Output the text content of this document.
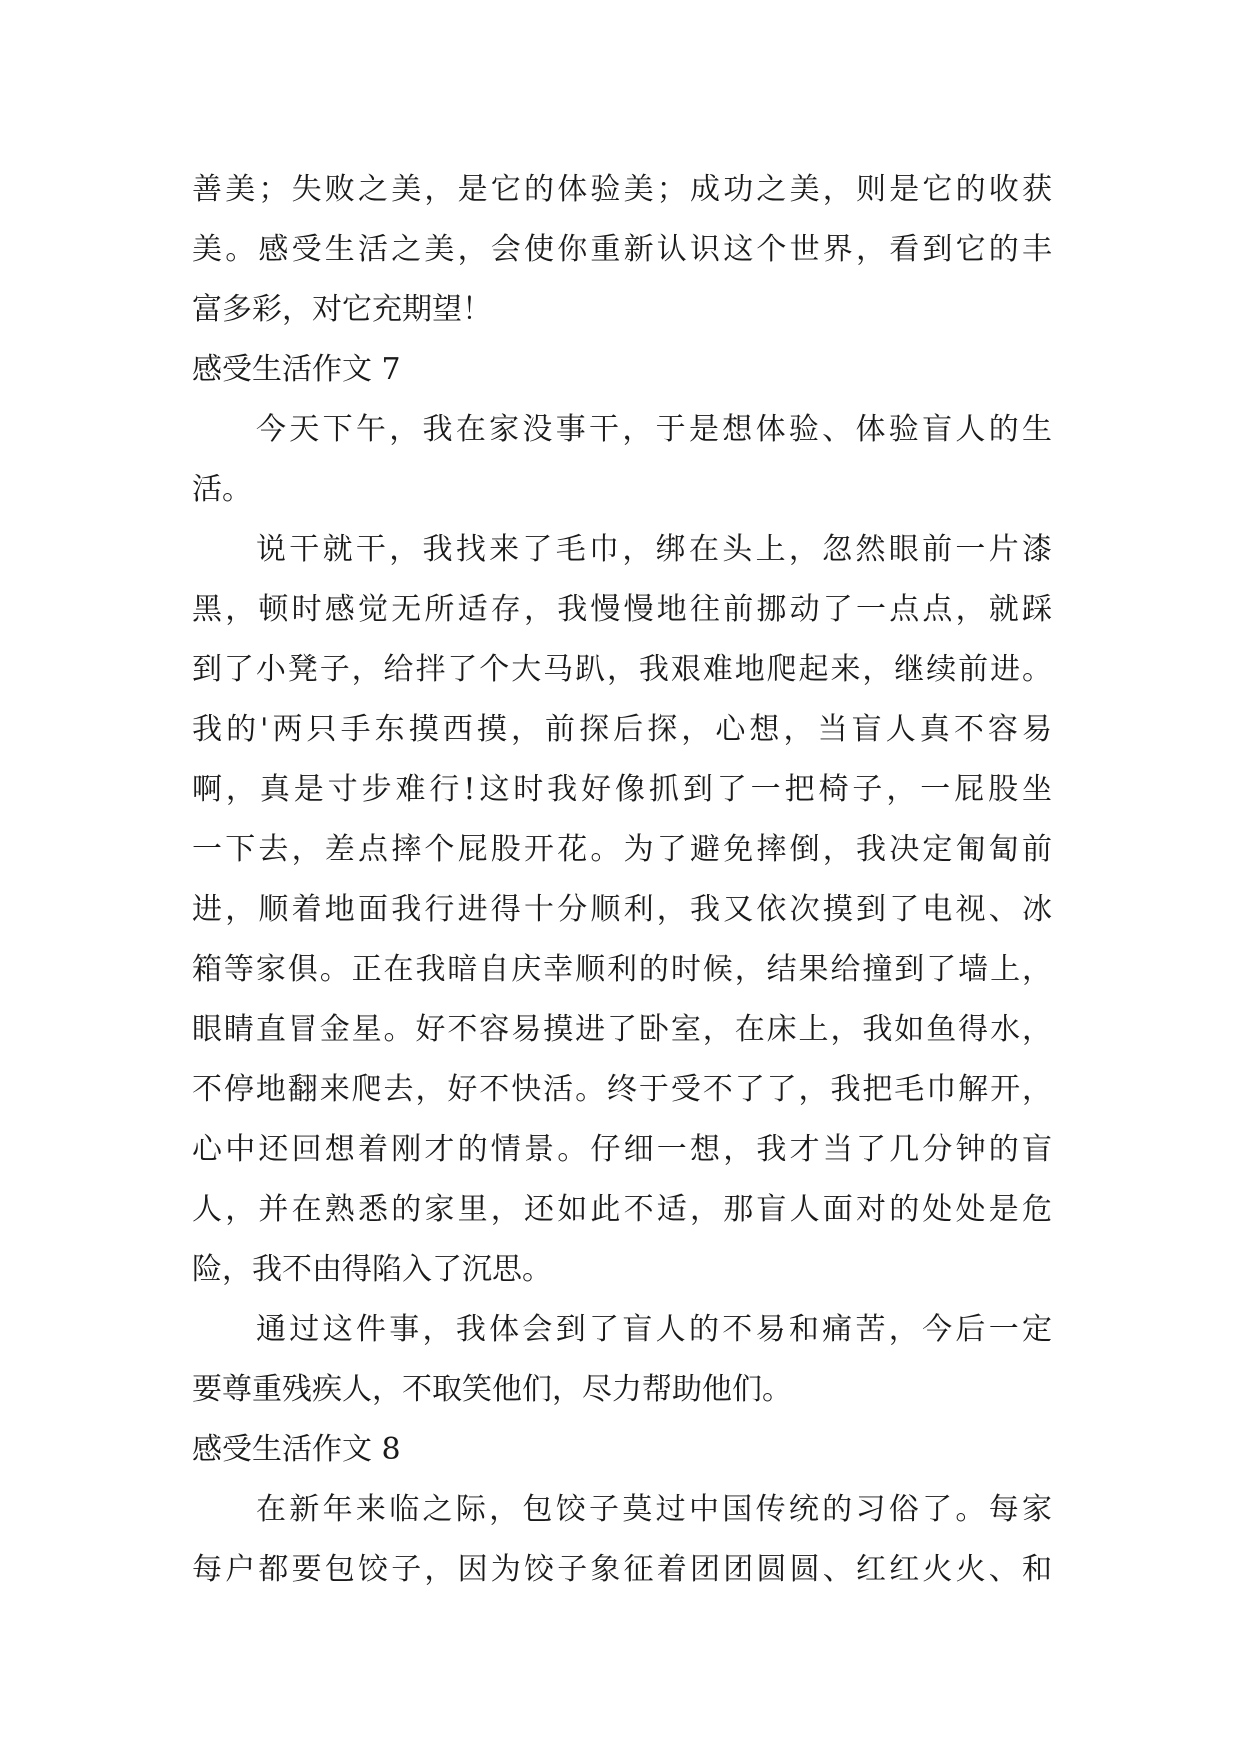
善美；失败之美，是它的体验美；成功之美，则是它的收获
美。感受生活之美，会使你重新认识这个世界，看到它的丰
富多彩，对它充期望！
感受生活作文 7
今天下午，我在家没事干，于是想体验、体验盲人的生
活。
说干就干，我找来了毛巾，绑在头上，忽然眼前一片漆
黑，顿时感觉无所适存，我慢慢地往前挪动了一点点，就踩
到了小凳子，给拌了个大马趴，我艰难地爬起来，继续前进。
我的'两只手东摸西摸，前探后探，心想，当盲人真不容易
啊，真是寸步难行!这时我好像抓到了一把椅子，一屁股坐
一下去，差点摔个屁股开花。为了避免摔倒，我决定匍匐前
进，顺着地面我行进得十分顺利，我又依次摸到了电视、冰
箱等家俱。正在我暗自庆幸顺利的时候，结果给撞到了墙上，
眼睛直冒金星。好不容易摸进了卧室，在床上，我如鱼得水，
不停地翻来爬去，好不快活。终于受不了了，我把毛巾解开，
心中还回想着刚才的情景。仔细一想，我才当了几分钟的盲
人，并在熟悉的家里，还如此不适，那盲人面对的处处是危
险，我不由得陷入了沉思。
通过这件事，我体会到了盲人的不易和痛苦，今后一定
要尊重残疾人，不取笑他们，尽力帮助他们。
感受生活作文 8
在新年来临之际，包饺子莫过中国传统的习俗了。每家
每户都要包饺子，因为饺子象征着团团圆圆、红红火火、和
